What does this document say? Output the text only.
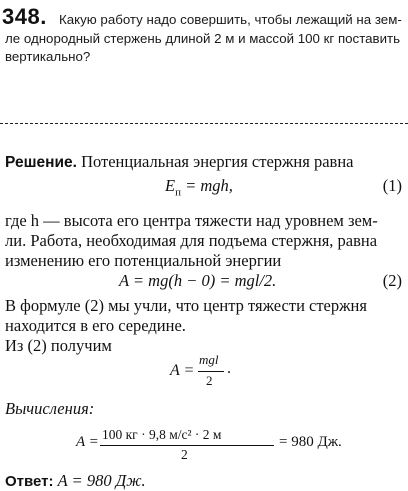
348. Какую работу надо совершить, чтобы лежащий на зем-
ле однородный стержень длиной 2 м и массой 100 кг поставить
вертикально?
Решение. Потенциальная энергия стержня равна
$E_п$ = mgh,	(1)
где h — высота его центра тяжести над уровнем зем-
ли. Работа, необходимая для подъема стержня, равна
изменению его потенциальной энергии
A = mg(h − 0) = mgl/2.	(2)
В формуле (2) мы учли, что центр тяжести стержня
находится в его середине.
Из (2) получим
A =
mgl
2
.
Вычисления:
A = 100 кг · 9,8 м/с² · 2 м
2
= 980 Дж.
Ответ: A = 980 Дж.
